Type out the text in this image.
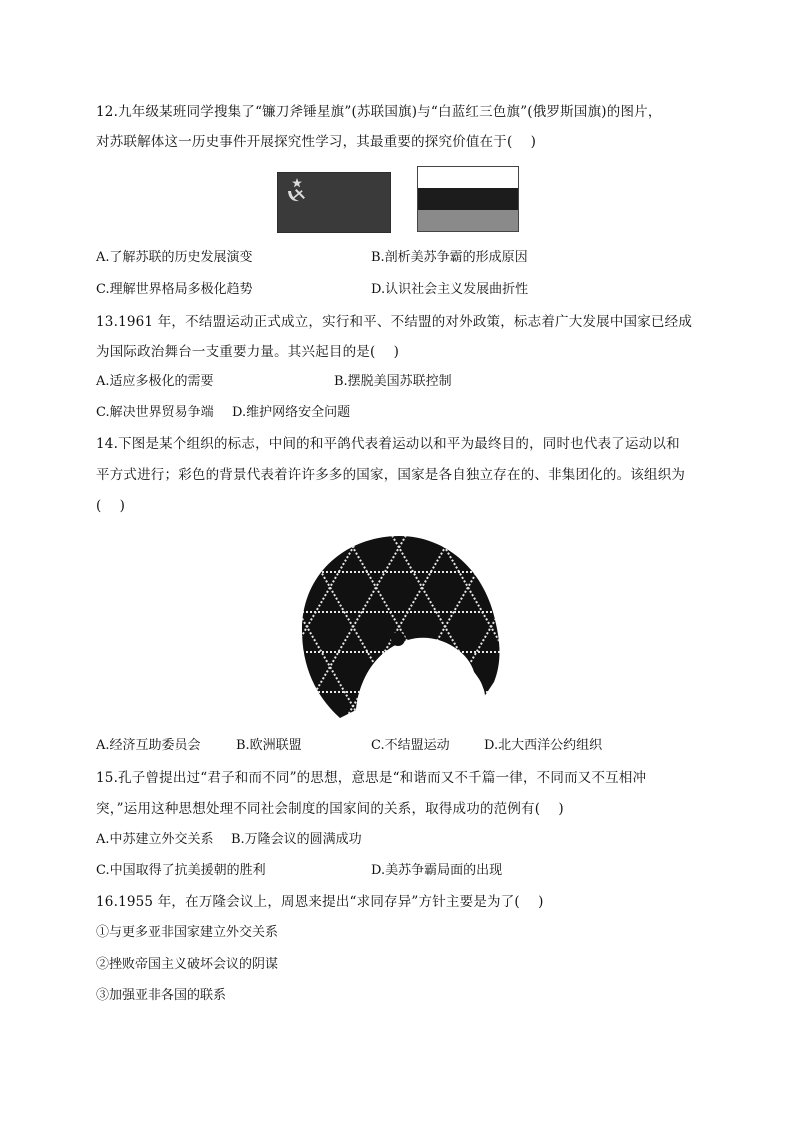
12.九年级某班同学搜集了“镰刀斧锤星旗”(苏联国旗)与“白蓝红三色旗”(俄罗斯国旗)的图片，
对苏联解体这一历史事件开展探究性学习，其最重要的探究价值在于(　 )
A.了解苏联的历史发展演变	B.剖析美苏争霸的形成原因
C.理解世界格局多极化趋势	D.认识社会主义发展曲折性
13.1961 年，不结盟运动正式成立，实行和平、不结盟的对外政策，标志着广大发展中国家已经成
为国际政治舞台一支重要力量。其兴起目的是(　 )
A.适应多极化的需要	B.摆脱美国苏联控制
C.解决世界贸易争端 D.维护网络安全问题
14.下图是某个组织的标志，中间的和平鸽代表着运动以和平为最终目的，同时也代表了运动以和
平方式进行；彩色的背景代表着许许多多的国家，国家是各自独立存在的、非集团化的。该组织为
(　 )
A.经济互助委员会	B.欧洲联盟	C.不结盟运动	D.北大西洋公约组织
15.孔子曾提出过“君子和而不同”的思想，意思是“和谐而又不千篇一律，不同而又不互相冲
突，”运用这种思想处理不同社会制度的国家间的关系，取得成功的范例有(　 )
A.中苏建立外交关系 B.万隆会议的圆满成功
C.中国取得了抗美援朝的胜利	D.美苏争霸局面的出现
16.1955 年，在万隆会议上，周恩来提出“求同存异”方针主要是为了(　 )
①与更多亚非国家建立外交关系
②挫败帝国主义破坏会议的阴谋
③加强亚非各国的联系
